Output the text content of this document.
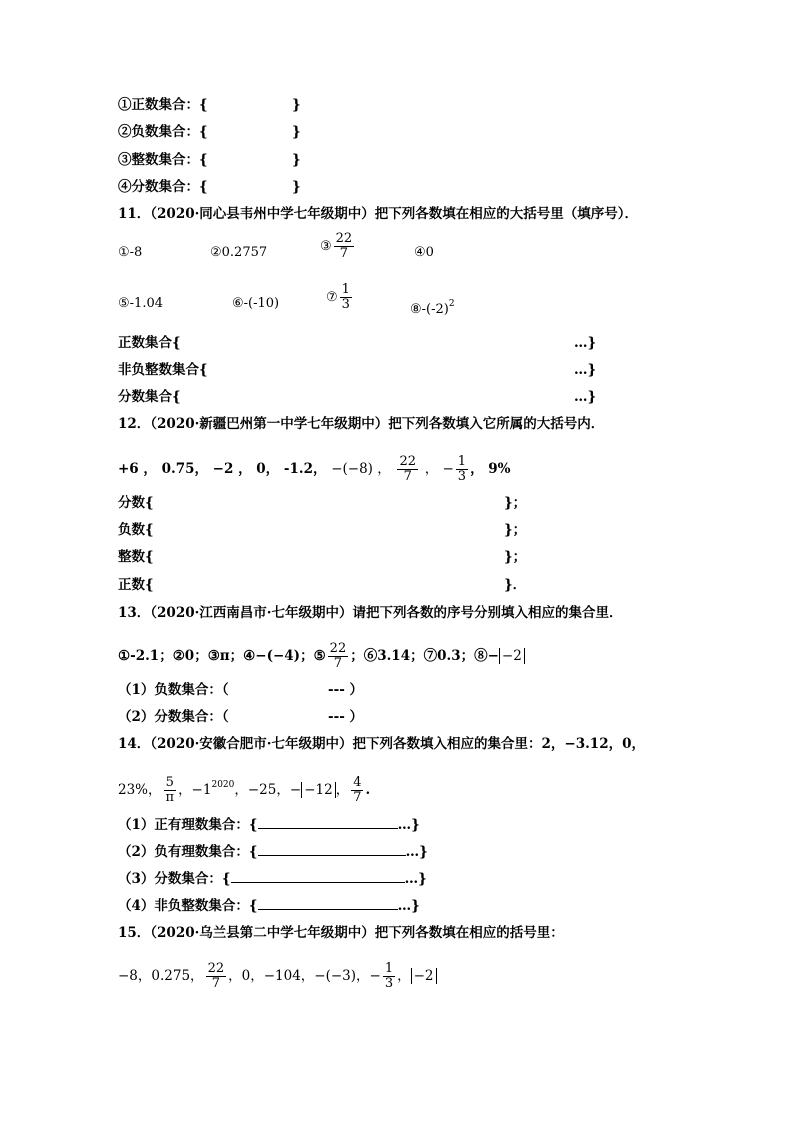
①正数集合：{	}
②负数集合：{	}
③整数集合：{	}
④分数集合：{	}
11．（2020·同心县韦州中学七年级期中）把下列各数填在相应的大括号里（填序号）．
①-8	②0.2757	③ $\frac{22}{7}$	④0
⑤-1.04	⑥-(-10)	⑦ $\frac{1}{3}$	$⑧-(-2)^2$
正数集合{	…}
非负整数集合{	…}
分数集合{	…}
12．（2020·新疆巴州第一中学七年级期中）把下列各数填入它所属的大括号内．
+6 ， 0.75， −2 ， 0， -1.2， −(−8) ， $\frac{22}{7}$ ， − $\frac{1}{3}$ ， 9%
分数{	}；
负数{	}；
整数{	}；
正数{	}．
13．（2020·江西南昌市·七年级期中）请把下列各数的序号分别填入相应的集合里．
①-2.1；②0；③π；④−(−4)；⑤ $\frac{22}{7}$ ；⑥3.14；⑦0.3；⑧− −2
（1）负数集合：（	--- ）
（2）分数集合：（	--- ）
14．（2020·安徽合肥市·七年级期中）把下列各数填入相应的集合里：2，−3.12，0，
23%， $\frac{5}{\pi}$ ，$-1^{2020}$，−25，− −12 ， $\frac{4}{7}$ .
（1）正有理数集合：{	…}
（2）负有理数集合：{	…}
（3）分数集合：{	…}
（4）非负整数集合：{	…}
15．（2020·乌兰县第二中学七年级期中）把下列各数填在相应的括号里：
−8，0.275， $\frac{22}{7}$ ，0，−104，−(−3)，− $\frac{1}{3}$ ， −2
